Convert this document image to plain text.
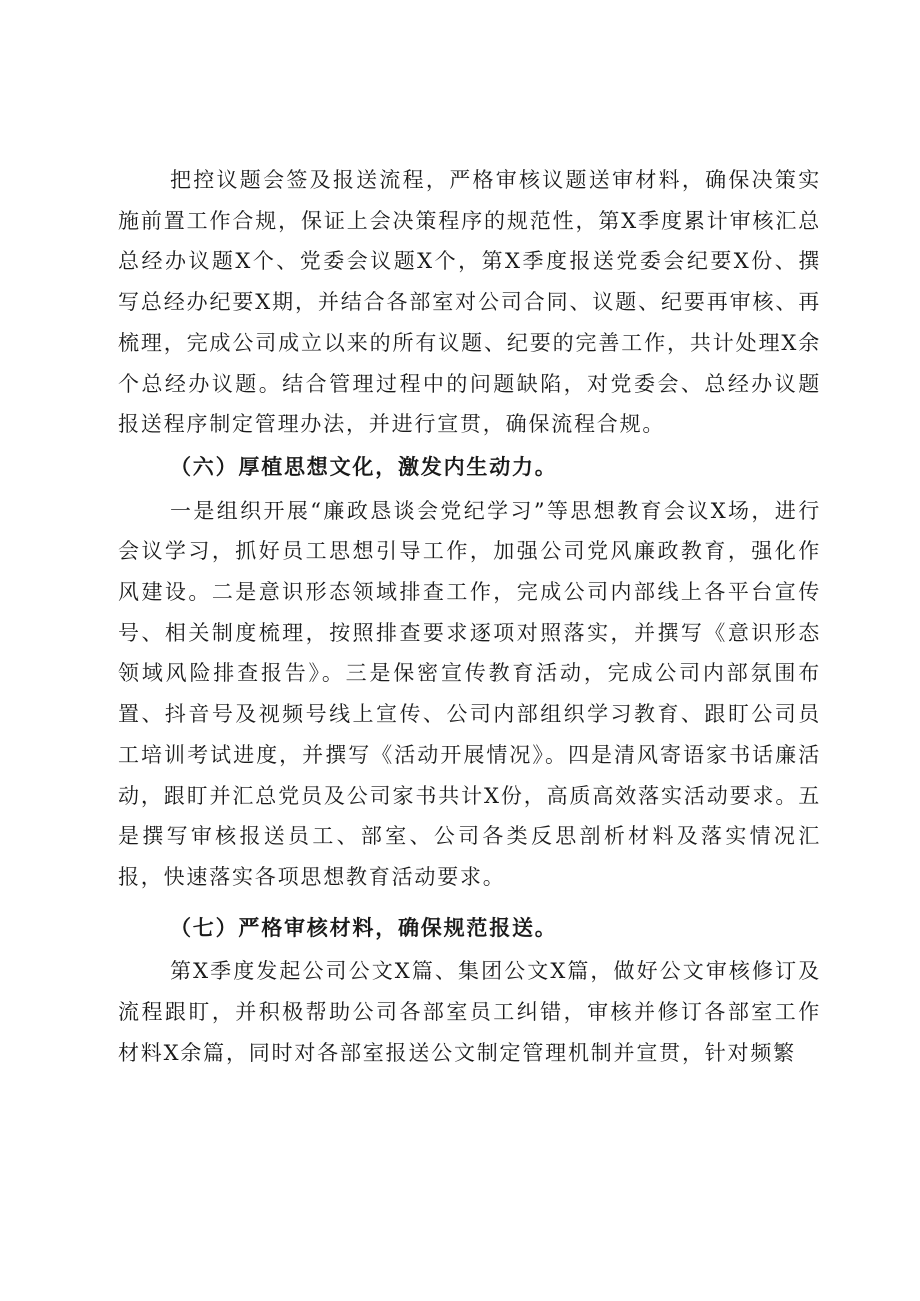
把控议题会签及报送流程，严格审核议题送审材料，确保决策实施前置工作合规，保证上会决策程序的规范性，第X季度累计审核汇总总经办议题X个、党委会议题X个，第X季度报送党委会纪要X份、撰写总经办纪要X期，并结合各部室对公司合同、议题、纪要再审核、再梳理，完成公司成立以来的所有议题、纪要的完善工作，共计处理X余个总经办议题。结合管理过程中的问题缺陷，对党委会、总经办议题报送程序制定管理办法，并进行宣贯，确保流程合规。

（六）厚植思想文化，激发内生动力。

一是组织开展“廉政恳谈会党纪学习”等思想教育会议X场，进行会议学习，抓好员工思想引导工作，加强公司党风廉政教育，强化作风建设。二是意识形态领域排查工作，完成公司内部线上各平台宣传号、相关制度梳理，按照排查要求逐项对照落实，并撰写《意识形态领域风险排查报告》。三是保密宣传教育活动，完成公司内部氛围布置、抖音号及视频号线上宣传、公司内部组织学习教育、跟盯公司员工培训考试进度，并撰写《活动开展情况》。四是清风寄语家书话廉活动，跟盯并汇总党员及公司家书共计X份，高质高效落实活动要求。五是撰写审核报送员工、部室、公司各类反思剖析材料及落实情况汇报，快速落实各项思想教育活动要求。

（七）严格审核材料，确保规范报送。

第X季度发起公司公文X篇、集团公文X篇，做好公文审核修订及流程跟盯，并积极帮助公司各部室员工纠错，审核并修订各部室工作材料X余篇，同时对各部室报送公文制定管理机制并宣贯，针对频繁
